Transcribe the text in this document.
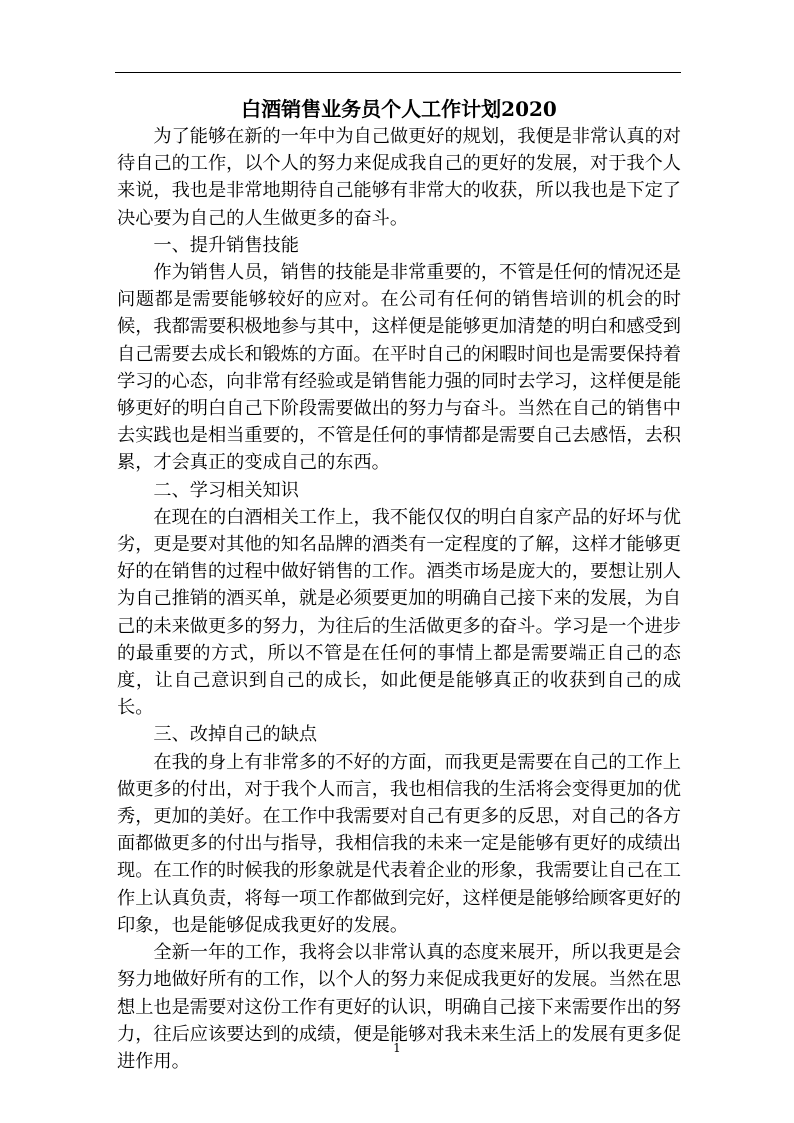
白酒销售业务员个人工作计划2020

为了能够在新的一年中为自己做更好的规划，我便是非常认真的对待自己的工作，以个人的努力来促成我自己的更好的发展，对于我个人来说，我也是非常地期待自己能够有非常大的收获，所以我也是下定了决心要为自己的人生做更多的奋斗。

一、提升销售技能

作为销售人员，销售的技能是非常重要的，不管是任何的情况还是问题都是需要能够较好的应对。在公司有任何的销售培训的机会的时候，我都需要积极地参与其中，这样便是能够更加清楚的明白和感受到自己需要去成长和锻炼的方面。在平时自己的闲暇时间也是需要保持着学习的心态，向非常有经验或是销售能力强的同时去学习，这样便是能够更好的明白自己下阶段需要做出的努力与奋斗。当然在自己的销售中去实践也是相当重要的，不管是任何的事情都是需要自己去感悟，去积累，才会真正的变成自己的东西。

二、学习相关知识

在现在的白酒相关工作上，我不能仅仅的明白自家产品的好坏与优劣，更是要对其他的知名品牌的酒类有一定程度的了解，这样才能够更好的在销售的过程中做好销售的工作。酒类市场是庞大的，要想让别人为自己推销的酒买单，就是必须要更加的明确自己接下来的发展，为自己的未来做更多的努力，为往后的生活做更多的奋斗。学习是一个进步的最重要的方式，所以不管是在任何的事情上都是需要端正自己的态度，让自己意识到自己的成长，如此便是能够真正的收获到自己的成长。

三、改掉自己的缺点

在我的身上有非常多的不好的方面，而我更是需要在自己的工作上做更多的付出，对于我个人而言，我也相信我的生活将会变得更加的优秀，更加的美好。在工作中我需要对自己有更多的反思，对自己的各方面都做更多的付出与指导，我相信我的未来一定是能够有更好的成绩出现。在工作的时候我的形象就是代表着企业的形象，我需要让自己在工作上认真负责，将每一项工作都做到完好，这样便是能够给顾客更好的印象，也是能够促成我更好的发展。

全新一年的工作，我将会以非常认真的态度来展开，所以我更是会努力地做好所有的工作，以个人的努力来促成我更好的发展。当然在思想上也是需要对这份工作有更好的认识，明确自己接下来需要作出的努力，往后应该要达到的成绩，便是能够对我未来生活上的发展有更多促进作用。

1
